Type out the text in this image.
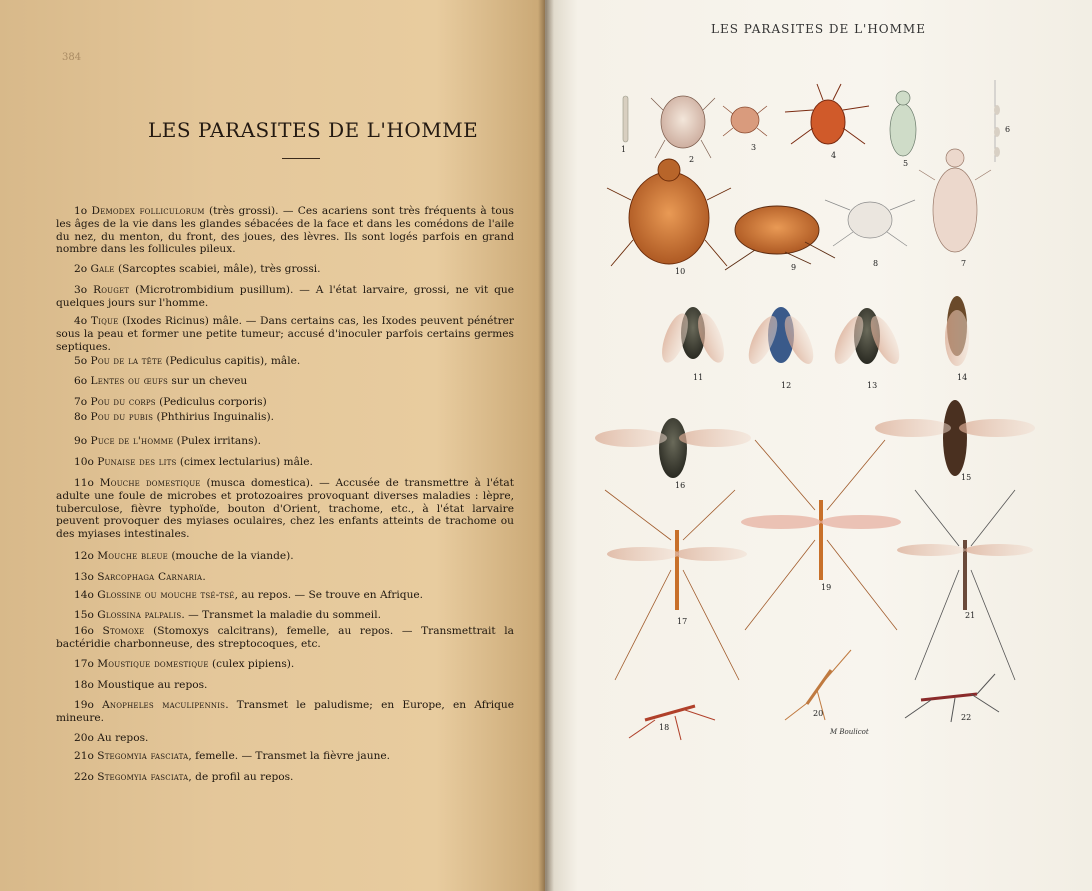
384
LES PARASITES DE L'HOMME
1o Demodex folliculorum (très grossi). — Ces acariens sont très fréquents à tous les âges de la vie dans les glandes sébacées de la face et dans les comédons de l'aile du nez, du menton, du front, des joues, des lèvres. Ils sont logés parfois en grand nombre dans les follicules pileux.
2o Gale (Sarcoptes scabiei, mâle), très grossi.
3o Rouget (Microtrombidium pusillum). — A l'état larvaire, grossi, ne vit que quelques jours sur l'homme.
4o Tique (Ixodes Ricinus) mâle. — Dans certains cas, les Ixodes peuvent pénétrer sous la peau et former une petite tumeur; accusé d'inoculer parfois certains germes septiques.
5o Pou de la tête (Pediculus capitis), mâle.
6o Lentes ou œufs sur un cheveu
7o Pou du corps (Pediculus corporis)
8o Pou du pubis (Phthirius Inguinalis).
9o Puce de l'homme (Pulex irritans).
10o Punaise des lits (cimex lectularius) mâle.
11o Mouche domestique (musca domestica). — Accusée de transmettre à l'état adulte une foule de microbes et protozoaires provoquant diverses maladies : lèpre, tuberculose, fièvre typhoïde, bouton d'Orient, trachome, etc., à l'état larvaire peuvent provoquer des myiases oculaires, chez les enfants atteints de trachome ou des myiases intestinales.
12o Mouche bleue (mouche de la viande).
13o Sarcophaga Carnaria.
14o Glossine ou mouche tsé-tsé, au repos. — Se trouve en Afrique.
15o Glossina palpalis. — Transmet la maladie du sommeil.
16o Stomoxe (Stomoxys calcitrans), femelle, au repos. — Transmettrait la bactéridie charbonneuse, des streptocoques, etc.
17o Moustique domestique (culex pipiens).
18o Moustique au repos.
19o Anopheles maculipennis. Transmet le paludisme; en Europe, en Afrique mineure.
20o Au repos.
21o Stegomyia fasciata, femelle. — Transmet la fièvre jaune.
22o Stegomyia fasciata, de profil au repos.
LES PARASITES DE L'HOMME
1
2
3
4
5
6
7
8
9
10
11
12	13
14
15
16
17
18
19
20
21
22
M Boulicot
